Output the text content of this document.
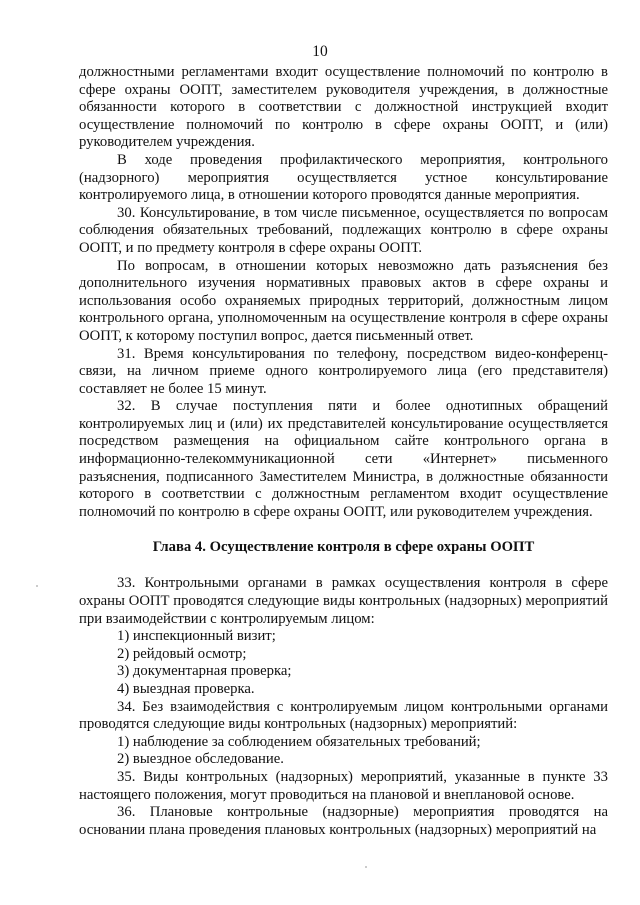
10

должностными регламентами входит осуществление полномочий по контролю в сфере охраны ООПТ, заместителем руководителя учреждения, в должностные обязанности которого в соответствии с должностной инструкцией входит осуществление полномочий по контролю в сфере охраны ООПТ, и (или) руководителем учреждения.

В ходе проведения профилактического мероприятия, контрольного (надзорного) мероприятия осуществляется устное консультирование контролируемого лица, в отношении которого проводятся данные мероприятия.

30. Консультирование, в том числе письменное, осуществляется по вопросам соблюдения обязательных требований, подлежащих контролю в сфере охраны ООПТ, и по предмету контроля в сфере охраны ООПТ.

По вопросам, в отношении которых невозможно дать разъяснения без дополнительного изучения нормативных правовых актов в сфере охраны и использования особо охраняемых природных территорий, должностным лицом контрольного органа, уполномоченным на осуществление контроля в сфере охраны ООПТ, к которому поступил вопрос, дается письменный ответ.

31. Время консультирования по телефону, посредством видео-конференц-связи, на личном приеме одного контролируемого лица (его представителя) составляет не более 15 минут.

32. В случае поступления пяти и более однотипных обращений контролируемых лиц и (или) их представителей консультирование осуществляется посредством размещения на официальном сайте контрольного органа в информационно-телекоммуникационной сети «Интернет» письменного разъяснения, подписанного Заместителем Министра, в должностные обязанности которого в соответствии с должностным регламентом входит осуществление полномочий по контролю в сфере охраны ООПТ, или руководителем учреждения.

Глава 4. Осуществление контроля в сфере охраны ООПТ

33. Контрольными органами в рамках осуществления контроля в сфере охраны ООПТ проводятся следующие виды контрольных (надзорных) мероприятий при взаимодействии с контролируемым лицом:

1) инспекционный визит;

2) рейдовый осмотр;

3) документарная проверка;

4) выездная проверка.

34. Без взаимодействия с контролируемым лицом контрольными органами проводятся следующие виды контрольных (надзорных) мероприятий:

1) наблюдение за соблюдением обязательных требований;

2) выездное обследование.

35. Виды контрольных (надзорных) мероприятий, указанные в пункте 33 настоящего положения, могут проводиться на плановой и внеплановой основе.

36. Плановые контрольные (надзорные) мероприятия проводятся на основании плана проведения плановых контрольных (надзорных) мероприятий на
